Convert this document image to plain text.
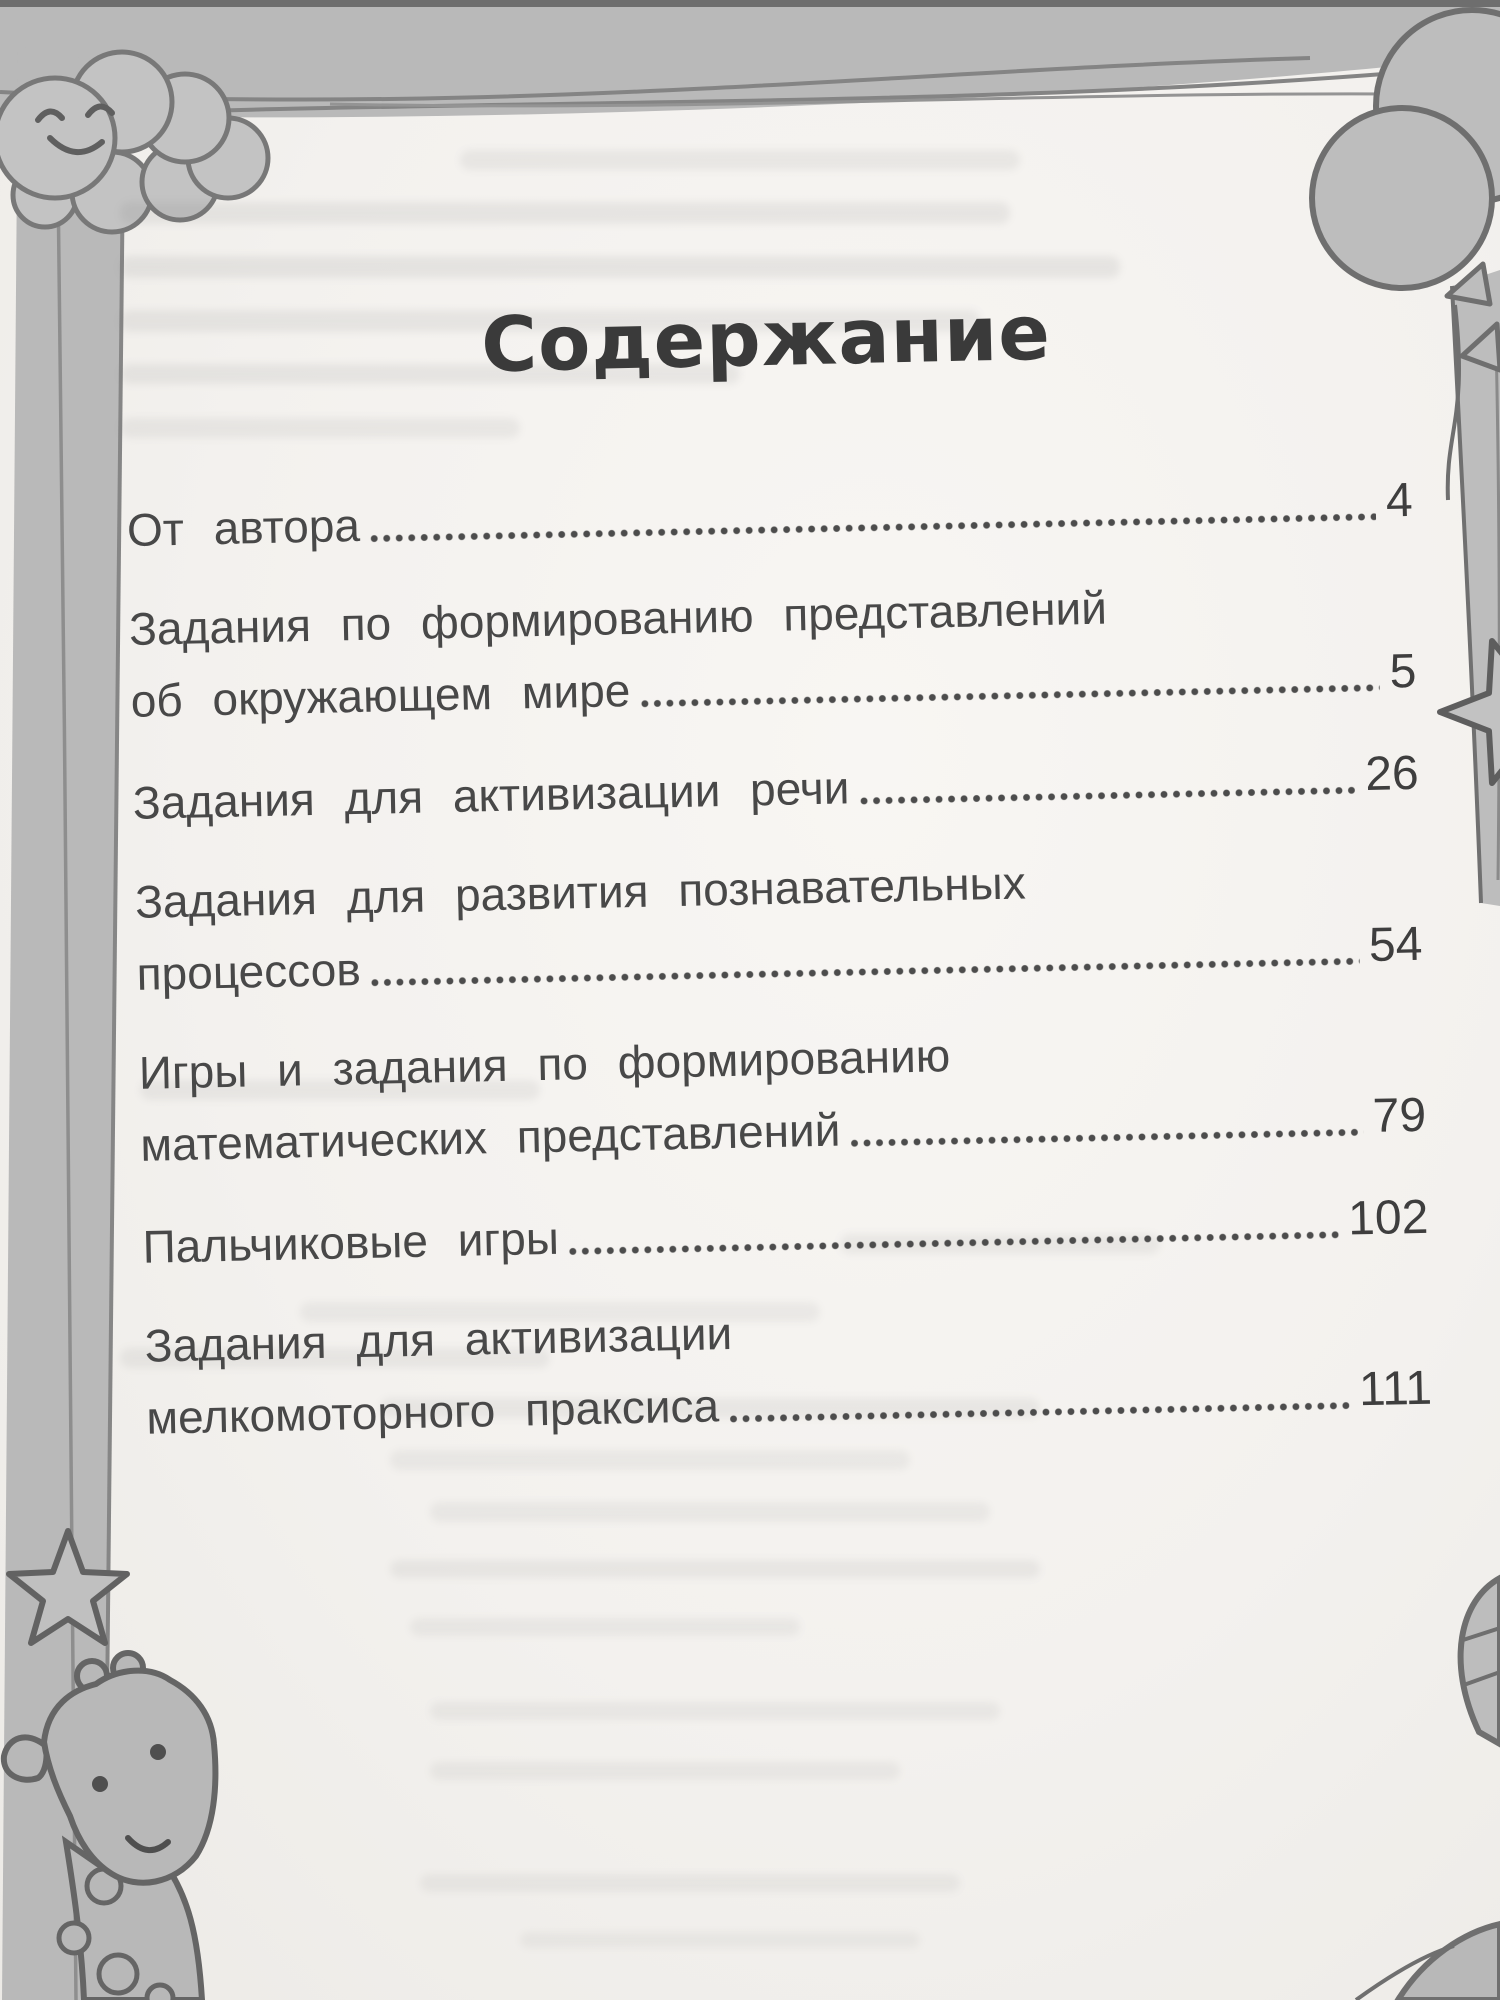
Содержание
От автора	4
Задания по формированию представлений
об окружающем мире	5
Задания для активизации речи	26
Задания для развития познавательных
процессов	54
Игры и задания по формированию
математических представлений	79
Пальчиковые игры	102
Задания для активизации
мелкомоторного праксиса	111
